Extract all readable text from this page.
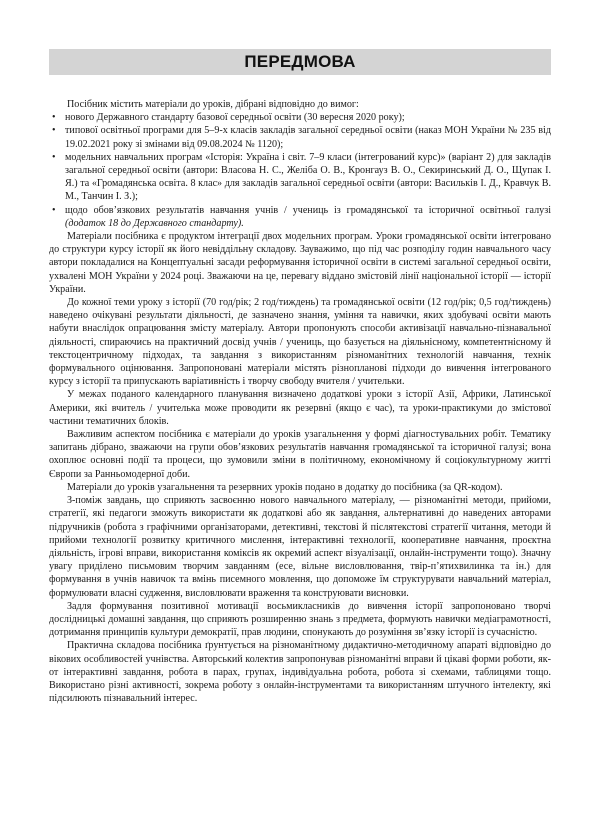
ПЕРЕДМОВА

Посібник містить матеріали до уроків, дібрані відповідно до вимог:

• нового Державного стандарту базової середньої освіти (30 вересня 2020 року);
• типової освітньої програми для 5–9-х класів закладів загальної середньої освіти (наказ МОН України № 235 від 19.02.2021 року зі змінами від 09.08.2024 № 1120);
• модельних навчальних програм «Історія: Україна і світ. 7–9 класи (інтегрований курс)» (варіант 2) для закладів загальної середньої освіти (автори: Власова Н. С., Желіба О. В., Кронгауз В. О., Секиринський Д. О., Щупак І. Я.) та «Громадянська освіта. 8 клас» для закладів загальної середньої освіти (автори: Васильків І. Д., Кравчук В. М., Танчин І. З.);
• щодо обов’язкових результатів навчання учнів / учениць із громадянської та історичної освітньої галузі (додаток 18 до Державного стандарту).

Матеріали посібника є продуктом інтеграції двох модельних програм. Уроки громадянської освіти інтегровано до структури курсу історії як його невіддільну складову. Зауважимо, що під час розподілу годин навчального часу автори покладалися на Концептуальні засади реформування історичної освіти в системі загальної середньої освіти, ухвалені МОН України у 2024 році. Зважаючи на це, перевагу віддано змістовій лінії національної історії — історії України.

До кожної теми уроку з історії (70 год/рік; 2 год/тиждень) та громадянської освіти (12 год/рік; 0,5 год/тиждень) наведено очікувані результати діяльності, де зазначено знання, уміння та навички, яких здобувачі освіти мають набути внаслідок опрацювання змісту матеріалу. Автори пропонують способи активізації навчально-пізнавальної діяльності, спираючись на практичний досвід учнів / учениць, що базується на діяльнісному, компетентнісному й текстоцентричному підходах, та завдання з використанням різноманітних технологій навчання, технік формувального оцінювання. Запропоновані матеріали містять різнопланові підходи до вивчення інтегрованого курсу з історії та припускають варіативність і творчу свободу вчителя / учительки.

У межах поданого календарного планування визначено додаткові уроки з історії Азії, Африки, Латинської Америки, які вчитель / учителька може проводити як резервні (якщо є час), та уроки-практикуми до змістової частини тематичних блоків.

Важливим аспектом посібника є матеріали до уроків узагальнення у формі діагностувальних робіт. Тематику запитань дібрано, зважаючи на групи обов’язкових результатів навчання громадянської та історичної галузі; вона охоплює основні події та процеси, що зумовили зміни в політичному, економічному й соціокультурному житті Європи за Ранньомодерної доби.

Матеріали до уроків узагальнення та резервних уроків подано в додатку до посібника (за QR-кодом).

З-поміж завдань, що сприяють засвоєнню нового навчального матеріалу, — різноманітні методи, прийоми, стратегії, які педагоги зможуть використати як додаткові або як завдання, альтернативні до наведених авторами підручників (робота з графічними організаторами, детективні, текстові й післятекстові стратегії читання, методи й прийоми технології розвитку критичного мислення, інтерактивні технології, кооперативне навчання, проєктна діяльність, ігрові вправи, використання коміксів як окремий аспект візуалізації, онлайн-інструменти тощо). Значну увагу приділено письмовим творчим завданням (есе, вільне висловлювання, твір-п’ятихвилинка та ін.) для формування в учнів навичок та вмінь писемного мовлення, що допоможе їм структурувати навчальний матеріал, формулювати власні судження, висловлювати враження та конструювати висновки.

Задля формування позитивної мотивації восьмикласників до вивчення історії запропоновано творчі дослідницькі домашні завдання, що сприяють розширенню знань з предмета, формують навички медіаграмотності, дотримання принципів культури демократії, прав людини, спонукають до розуміння зв’язку історії із сучасністю.

Практична складова посібника ґрунтується на різноманітному дидактично-методичному апараті відповідно до вікових особливостей учнівства. Авторський колектив запропонував різноманітні вправи й цікаві форми роботи, як-от інтерактивні завдання, робота в парах, групах, індивідуальна робота, робота зі схемами, таблицями тощо. Використано різні активності, зокрема роботу з онлайн-інструментами та використанням штучного інтелекту, які підсилюють пізнавальний інтерес.
